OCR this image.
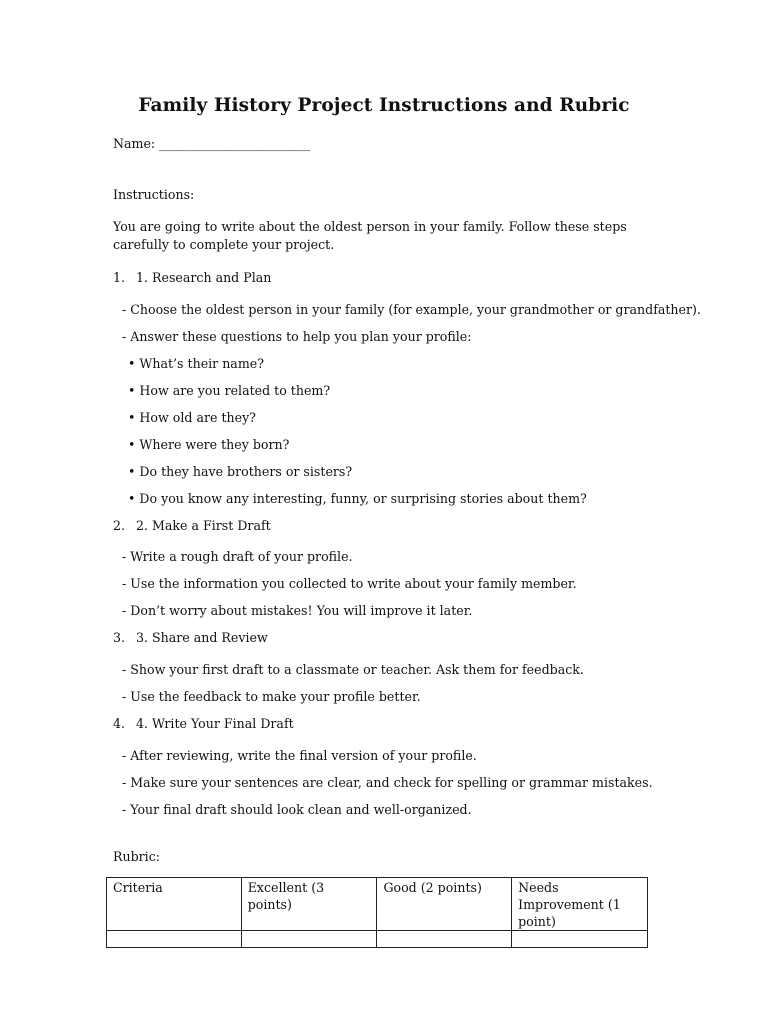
Family History Project Instructions and Rubric
Name: ________________________
Instructions:
You are going to write about the oldest person in your family. Follow these steps carefully to complete your project.
1. 1. Research and Plan
- Choose the oldest person in your family (for example, your grandmother or grandfather).
- Answer these questions to help you plan your profile:
• What’s their name?
• How are you related to them?
• How old are they?
• Where were they born?
• Do they have brothers or sisters?
• Do you know any interesting, funny, or surprising stories about them?
2. 2. Make a First Draft
- Write a rough draft of your profile.
- Use the information you collected to write about your family member.
- Don’t worry about mistakes! You will improve it later.
3. 3. Share and Review
- Show your first draft to a classmate or teacher. Ask them for feedback.
- Use the feedback to make your profile better.
4. 4. Write Your Final Draft
- After reviewing, write the final version of your profile.
- Make sure your sentences are clear, and check for spelling or grammar mistakes.
- Your final draft should look clean and well-organized.
Rubric:
Criteria	Excellent (3 points)	Good (2 points)	Needs Improvement (1 point)
